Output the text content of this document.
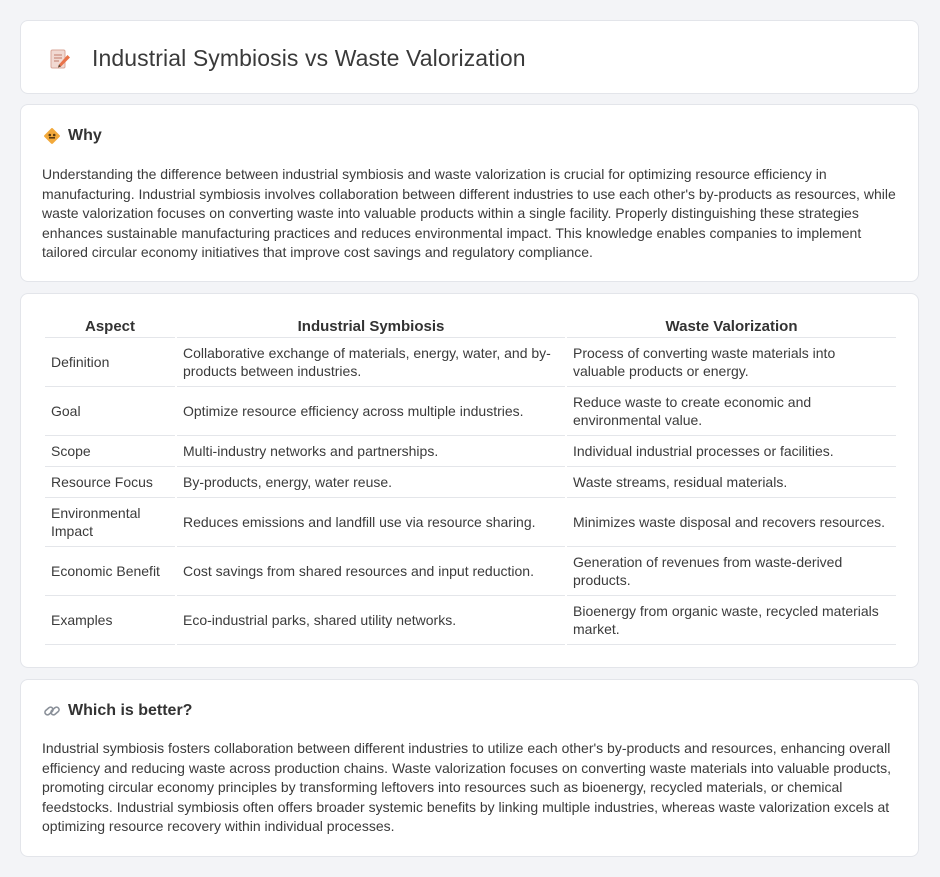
Industrial Symbiosis vs Waste Valorization
Why

Understanding the difference between industrial symbiosis and waste valorization is crucial for optimizing resource efficiency in manufacturing. Industrial symbiosis involves collaboration between different industries to use each other's by-products as resources, while waste valorization focuses on converting waste into valuable products within a single facility. Properly distinguishing these strategies enhances sustainable manufacturing practices and reduces environmental impact. This knowledge enables companies to implement tailored circular economy initiatives that improve cost savings and regulatory compliance.

Aspect	Industrial Symbiosis	Waste Valorization
Definition	Collaborative exchange of materials, energy, water, and by-products between industries.	Process of converting waste materials into valuable products or energy.
Goal	Optimize resource efficiency across multiple industries.	Reduce waste to create economic and environmental value.
Scope	Multi-industry networks and partnerships.	Individual industrial processes or facilities.
Resource Focus	By-products, energy, water reuse.	Waste streams, residual materials.
Environmental Impact	Reduces emissions and landfill use via resource sharing.	Minimizes waste disposal and recovers resources.
Economic Benefit	Cost savings from shared resources and input reduction.	Generation of revenues from waste-derived products.
Examples	Eco-industrial parks, shared utility networks.	Bioenergy from organic waste, recycled materials market.
Which is better?

Industrial symbiosis fosters collaboration between different industries to utilize each other's by-products and resources, enhancing overall efficiency and reducing waste across production chains. Waste valorization focuses on converting waste materials into valuable products, promoting circular economy principles by transforming leftovers into resources such as bioenergy, recycled materials, or chemical feedstocks. Industrial symbiosis often offers broader systemic benefits by linking multiple industries, whereas waste valorization excels at optimizing resource recovery within individual processes.
